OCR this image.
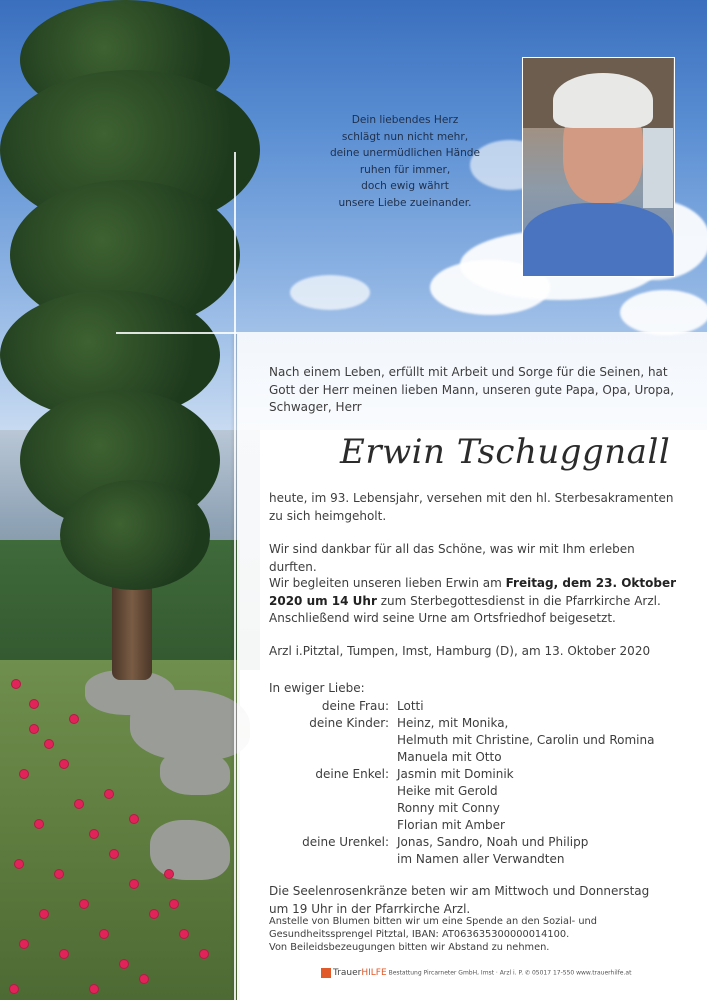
Dein liebendes Herz
schlägt nun nicht mehr,
deine unermüdlichen Hände
ruhen für immer,
doch ewig währt
unsere Liebe zueinander.
Nach einem Leben, erfüllt mit Arbeit und Sorge für die Seinen, hat Gott der Herr meinen lieben Mann, unseren gute Papa, Opa, Uropa, Schwager, Herr
Erwin Tschuggnall
heute, im 93. Lebensjahr, versehen mit den hl. Sterbesakramenten zu sich heimgeholt.
Wir sind dankbar für all das Schöne, was wir mit Ihm erleben durften.
Wir begleiten unseren lieben Erwin am Freitag, dem 23. Oktober 2020 um 14 Uhr zum Sterbegottesdienst in die Pfarrkirche Arzl. Anschließend wird seine Urne am Ortsfriedhof beigesetzt.
Arzl i.Pitztal, Tumpen, Imst, Hamburg (D), am 13. Oktober 2020
In ewiger Liebe:
deine Frau: Lotti
deine Kinder: Heinz, mit Monika,
Helmuth mit Christine, Carolin und Romina
Manuela mit Otto
deine Enkel: Jasmin mit Dominik
Heike mit Gerold
Ronny mit Conny
Florian mit Amber
deine Urenkel: Jonas, Sandro, Noah und Philipp
im Namen aller Verwandten
Die Seelenrosenkränze beten wir am Mittwoch und Donnerstag um 19 Uhr in der Pfarrkirche Arzl.
Anstelle von Blumen bitten wir um eine Spende an den Sozial- und Gesundheitssprengel Pitztal, IBAN: AT063635300000014100.
Von Beileidsbezeugungen bitten wir Abstand zu nehmen.
TrauerHILFE Bestattung Pircarneter GmbH, Imst · Arzl i. P. ✆ 05017 17-550 www.trauerhilfe.at
